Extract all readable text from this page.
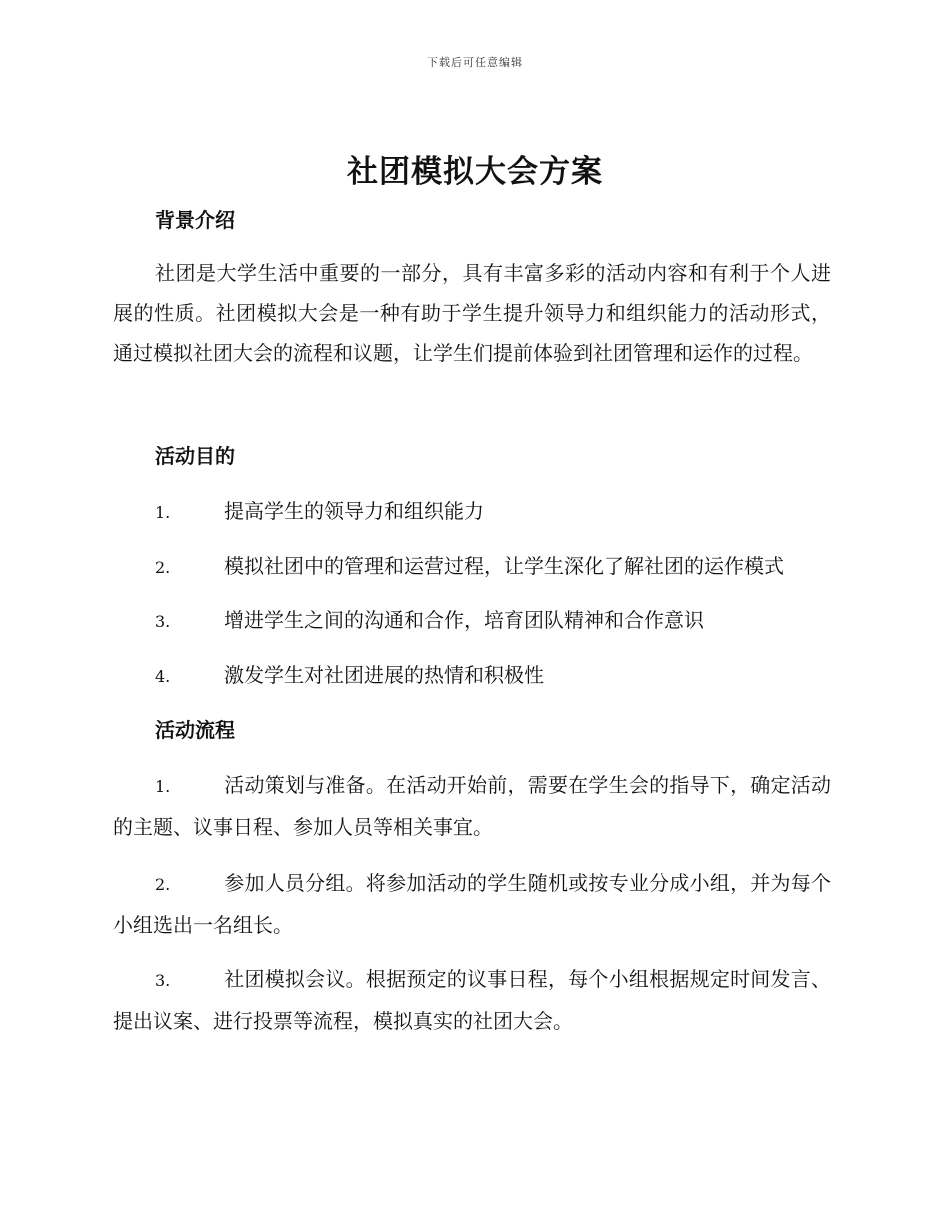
下载后可任意编辑
社团模拟大会方案
背景介绍

社团是大学生活中重要的一部分，具有丰富多彩的活动内容和有利于个人进展的性质。社团模拟大会是一种有助于学生提升领导力和组织能力的活动形式，通过模拟社团大会的流程和议题，让学生们提前体验到社团管理和运作的过程。

活动目的
1.	提高学生的领导力和组织能力
2.	模拟社团中的管理和运营过程，让学生深化了解社团的运作模式
3.	增进学生之间的沟通和合作，培育团队精神和合作意识
4.	激发学生对社团进展的热情和积极性
活动流程

1.	活动策划与准备。在活动开始前，需要在学生会的指导下，确定活动的主题、议事日程、参加人员等相关事宜。

2.	参加人员分组。将参加活动的学生随机或按专业分成小组，并为每个小组选出一名组长。

3.	社团模拟会议。根据预定的议事日程，每个小组根据规定时间发言、提出议案、进行投票等流程，模拟真实的社团大会。
